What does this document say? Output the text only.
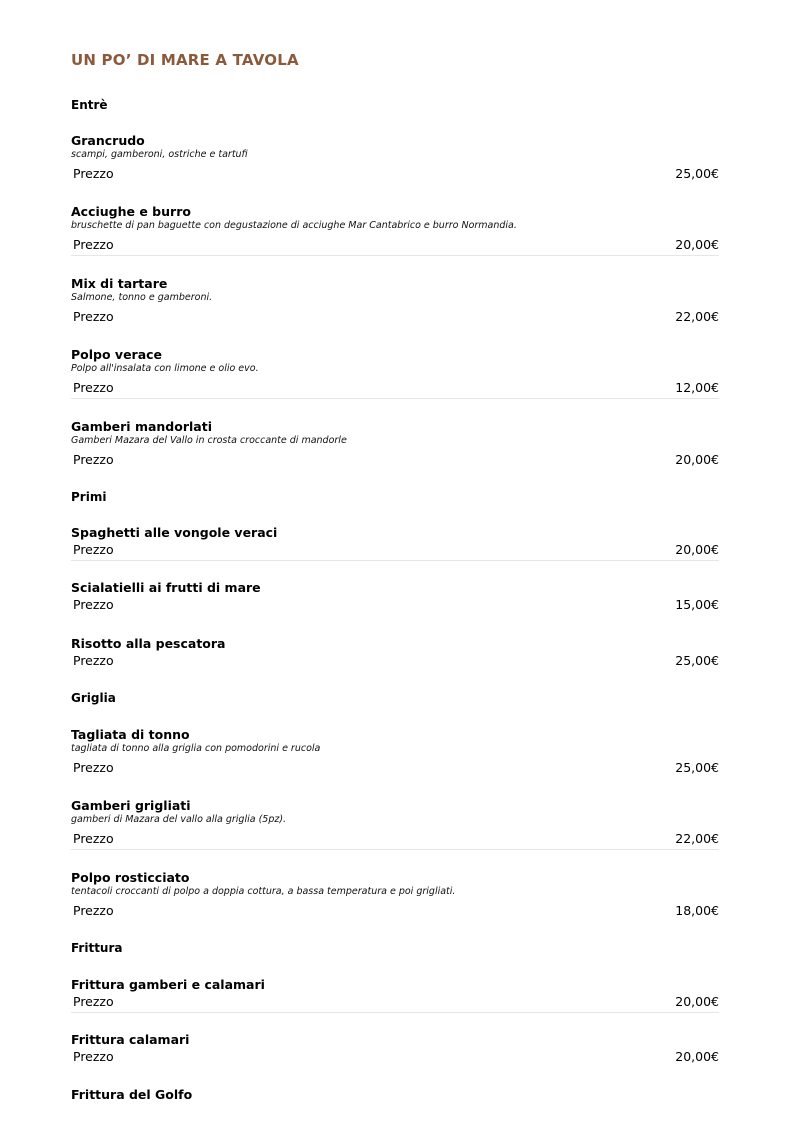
UN PO’ DI MARE A TAVOLA
Entrè
Grancrudo
scampi, gamberoni, ostriche e tartufi
Prezzo	25,00€
Acciughe e burro
bruschette di pan baguette con degustazione di acciughe Mar Cantabrico e burro Normandia.
Prezzo	20,00€
Mix di tartare
Salmone, tonno e gamberoni.
Prezzo	22,00€
Polpo verace
Polpo all'insalata con limone e olio evo.
Prezzo	12,00€
Gamberi mandorlati
Gamberi Mazara del Vallo in crosta croccante di mandorle
Prezzo	20,00€
Primi
Spaghetti alle vongole veraci
Prezzo	20,00€
Scialatielli ai frutti di mare
Prezzo	15,00€
Risotto alla pescatora
Prezzo	25,00€
Griglia
Tagliata di tonno
tagliata di tonno alla griglia con pomodorini e rucola
Prezzo	25,00€
Gamberi grigliati
gamberi di Mazara del vallo alla griglia (5pz).
Prezzo	22,00€
Polpo rosticciato
tentacoli croccanti di polpo a doppia cottura, a bassa temperatura e poi grigliati.
Prezzo	18,00€
Frittura
Frittura gamberi e calamari
Prezzo	20,00€
Frittura calamari
Prezzo	20,00€
Frittura del Golfo
